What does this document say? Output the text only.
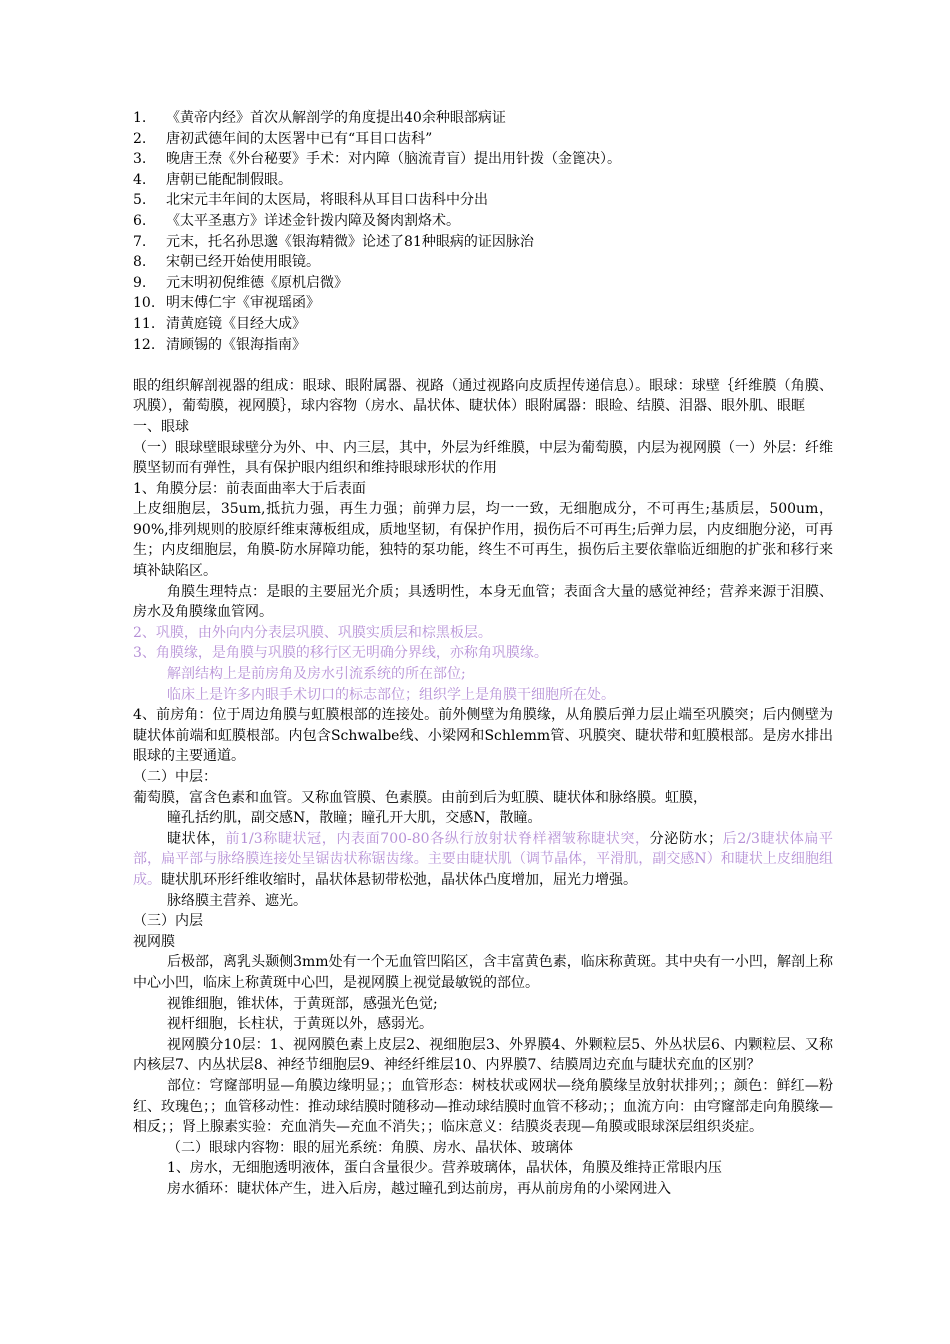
1.	《黄帝内经》首次从解剖学的角度提出40余种眼部病证
2.	唐初武德年间的太医署中已有“耳目口齿科”
3.	晚唐王焘《外台秘要》手术：对内障（脑流青盲）提出用针拨（金篦决）。
4.	唐朝已能配制假眼。
5.	北宋元丰年间的太医局，将眼科从耳目口齿科中分出
6.	《太平圣惠方》详述金针拨内障及胬肉割烙术。
7.	元末，托名孙思邈《银海精微》论述了81种眼病的证因脉治
8.	宋朝已经开始使用眼镜。
9.	元末明初倪维德《原机启微》
10. 明末傅仁宇《审视瑶函》
11. 清黄庭镜《目经大成》
12. 清顾锡的《银海指南》

眼的组织解剖视器的组成：眼球、眼附属器、视路（通过视路向皮质捏传递信息）。眼球：球壁｛纤维膜（角膜、巩膜），葡萄膜，视网膜｝，球内容物（房水、晶状体、睫状体）眼附属器：眼睑、结膜、泪器、眼外肌、眼眶

一、眼球

（一）眼球壁眼球壁分为外、中、内三层，其中，外层为纤维膜，中层为葡萄膜，内层为视网膜（一）外层：纤维膜坚韧而有弹性，具有保护眼内组织和维持眼球形状的作用

1、角膜分层：前表面曲率大于后表面

上皮细胞层，35um,抵抗力强，再生力强；前弹力层，均一一致，无细胞成分，不可再生;基质层，500um，90%,排列规则的胶原纤维束薄板组成，质地坚韧，有保护作用，损伤后不可再生;后弹力层，内皮细胞分泌，可再生；内皮细胞层，角膜-防水屏障功能，独特的泵功能，终生不可再生，损伤后主要依靠临近细胞的扩张和移行来填补缺陷区。

角膜生理特点：是眼的主要屈光介质；具透明性，本身无血管；表面含大量的感觉神经；营养来源于泪膜、房水及角膜缘血管网。

2、巩膜，由外向内分表层巩膜、巩膜实质层和棕黑板层。

3、角膜缘，是角膜与巩膜的移行区无明确分界线，亦称角巩膜缘。

解剖结构上是前房角及房水引流系统的所在部位;

临床上是许多内眼手术切口的标志部位；组织学上是角膜干细胞所在处。

4、前房角：位于周边角膜与虹膜根部的连接处。前外侧壁为角膜缘，从角膜后弹力层止端至巩膜突；后内侧壁为睫状体前端和虹膜根部。内包含Schwalbe线、小梁网和Schlemm管、巩膜突、睫状带和虹膜根部。是房水排出眼球的主要通道。

（二）中层：

葡萄膜，富含色素和血管。又称血管膜、色素膜。由前到后为虹膜、睫状体和脉络膜。虹膜，

瞳孔括约肌，副交感N，散瞳；瞳孔开大肌，交感N，散瞳。

睫状体，前1/3称睫状冠，内表面700-80各纵行放射状脊样褶皱称睫状突，分泌防水；后2/3睫状体扁平部，扁平部与脉络膜连接处呈锯齿状称锯齿缘。主要由睫状肌（调节晶体，平滑肌，副交感N）和睫状上皮细胞组成。睫状肌环形纤维收缩时，晶状体悬韧带松弛，晶状体凸度增加，屈光力增强。

脉络膜主营养、遮光。

（三）内层

视网膜

后极部，离乳头颞侧3mm处有一个无血管凹陷区，含丰富黄色素，临床称黄斑。其中央有一小凹，解剖上称中心小凹，临床上称黄斑中心凹，是视网膜上视觉最敏锐的部位。

视锥细胞，锥状体，于黄斑部，感强光色觉;

视杆细胞，长柱状，于黄斑以外，感弱光。

视网膜分10层：1、视网膜色素上皮层2、视细胞层3、外界膜4、外颗粒层5、外丛状层6、内颗粒层、又称内核层7、内丛状层8、神经节细胞层9、神经纤维层10、内界膜7、结膜周边充血与睫状充血的区别？

部位：穹窿部明显—角膜边缘明显；；血管形态：树枝状或网状—绕角膜缘呈放射状排列；；颜色：鲜红—粉红、玫瑰色；；血管移动性：推动球结膜时随移动—推动球结膜时血管不移动；；血流方向：由穹窿部走向角膜缘—相反；；肾上腺素实验：充血消失—充血不消失；；临床意义：结膜炎表现—角膜或眼球深层组织炎症。

（二）眼球内容物：眼的屈光系统：角膜、房水、晶状体、玻璃体

1、房水，无细胞透明液体，蛋白含量很少。营养玻璃体，晶状体，角膜及维持正常眼内压

房水循环：睫状体产生，进入后房，越过瞳孔到达前房，再从前房角的小梁网进入
